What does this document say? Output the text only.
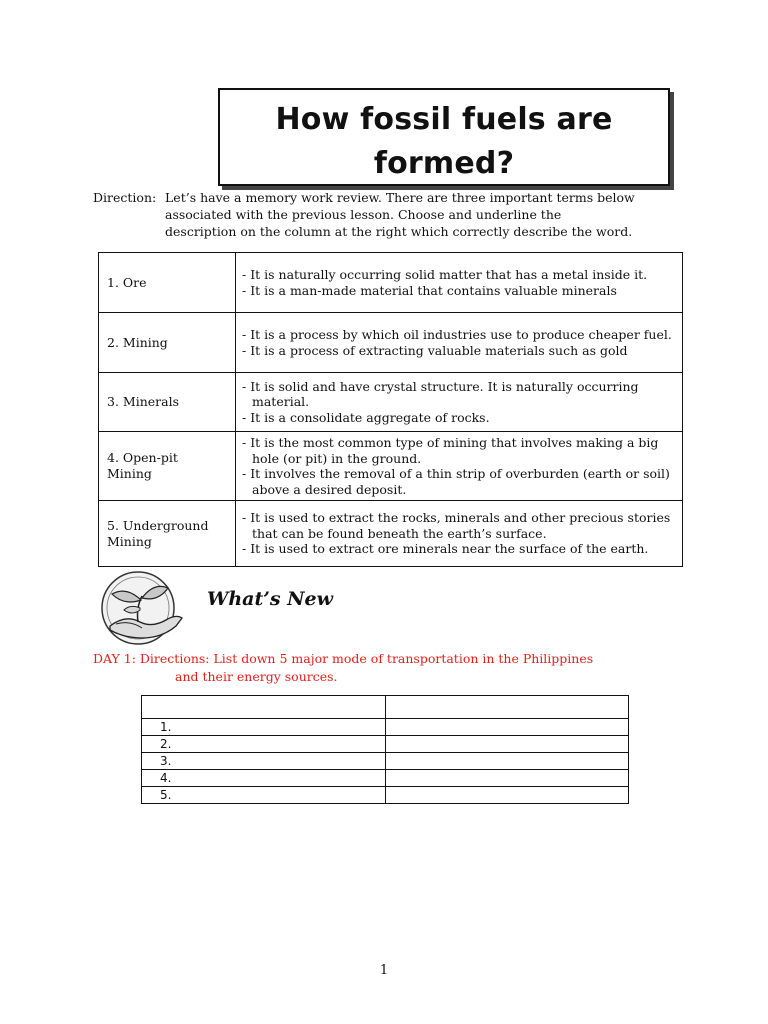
How fossil fuels are
formed?
Direction: Let’s have a memory work review. There are three important terms below
associated with the previous lesson. Choose and underline the
description on the column at the right which correctly describe the word.
1. Ore	- It is naturally occurring solid matter that has a metal inside it.
- It is a man-made material that contains valuable minerals

2. Mining	- It is a process by which oil industries use to produce cheaper fuel.
- It is a process of extracting valuable materials such as gold

3. Minerals	- It is solid and have crystal structure. It is naturally occurring material.
- It is a consolidate aggregate of rocks.

4. Open-pit Mining	- It is the most common type of mining that involves making a big hole (or pit) in the ground.
- It involves the removal of a thin strip of overburden (earth or soil) above a desired deposit.

5. Underground Mining	- It is used to extract the rocks, minerals and other precious stories that can be found beneath the earth’s surface.
- It is used to extract ore minerals near the surface of the earth.
What’s New
DAY 1: Directions: List down 5 major mode of transportation in the Philippines
and their energy sources.

1.	
2.	
3.	
4.	
5.	
1
